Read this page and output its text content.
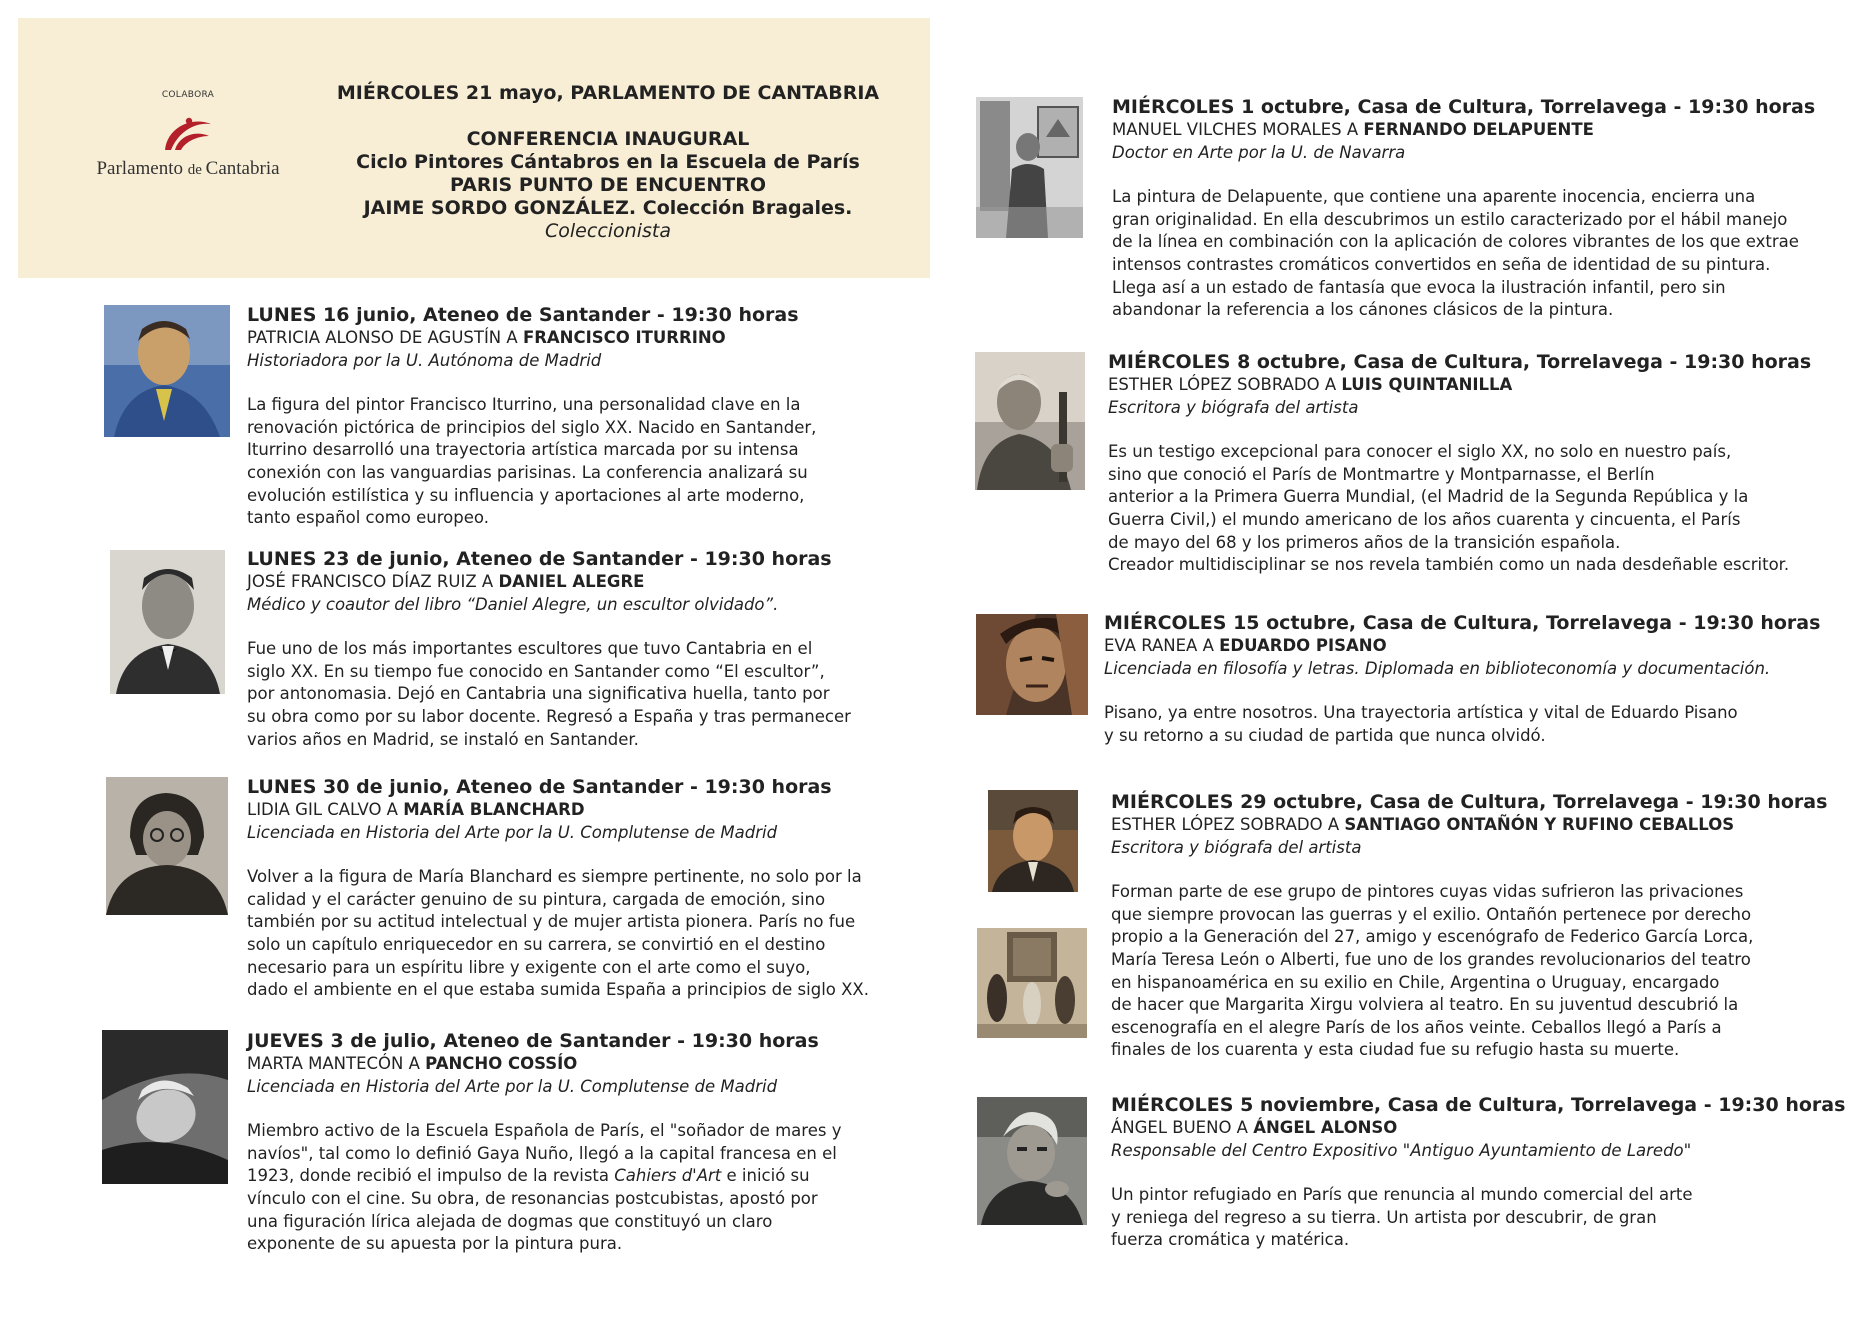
COLABORA
Parlamento de Cantabria
MIÉRCOLES 21 mayo, PARLAMENTO DE CANTABRIA
CONFERENCIA INAUGURAL
Ciclo Pintores Cántabros en la Escuela de París
PARIS PUNTO DE ENCUENTRO
JAIME SORDO GONZÁLEZ. Colección Bragales.
Coleccionista
LUNES 16 junio, Ateneo de Santander - 19:30 horas
PATRICIA ALONSO DE AGUSTÍN A FRANCISCO ITURRINO
Historiadora por la U. Autónoma de Madrid
La figura del pintor Francisco Iturrino, una personalidad clave en la
renovación pictórica de principios del siglo XX. Nacido en Santander,
Iturrino desarrolló una trayectoria artística marcada por su intensa
conexión con las vanguardias parisinas. La conferencia analizará su
evolución estilística y su influencia y aportaciones al arte moderno,
tanto español como europeo.
LUNES 23 de junio, Ateneo de Santander - 19:30 horas
JOSÉ FRANCISCO DÍAZ RUIZ A DANIEL ALEGRE
Médico y coautor del libro “Daniel Alegre, un escultor olvidado”.
Fue uno de los más importantes escultores que tuvo Cantabria en el
siglo XX. En su tiempo fue conocido en Santander como “El escultor”,
por antonomasia. Dejó en Cantabria una significativa huella, tanto por
su obra como por su labor docente. Regresó a España y tras permanecer
varios años en Madrid, se instaló en Santander.
LUNES 30 de junio, Ateneo de Santander - 19:30 horas
LIDIA GIL CALVO A MARÍA BLANCHARD
Licenciada en Historia del Arte por la U. Complutense de Madrid
Volver a la figura de María Blanchard es siempre pertinente, no solo por la
calidad y el carácter genuino de su pintura, cargada de emoción, sino
también por su actitud intelectual y de mujer artista pionera. París no fue
solo un capítulo enriquecedor en su carrera, se convirtió en el destino
necesario para un espíritu libre y exigente con el arte como el suyo,
dado el ambiente en el que estaba sumida España a principios de siglo XX.
JUEVES 3 de julio, Ateneo de Santander - 19:30 horas
MARTA MANTECÓN A PANCHO COSSÍO
Licenciada en Historia del Arte por la U. Complutense de Madrid
Miembro activo de la Escuela Española de París, el "soñador de mares y
navíos", tal como lo definió Gaya Nuño, llegó a la capital francesa en el
1923, donde recibió el impulso de la revista Cahiers d'Art e inició su
vínculo con el cine. Su obra, de resonancias postcubistas, apostó por
una figuración lírica alejada de dogmas que constituyó un claro
exponente de su apuesta por la pintura pura.
MIÉRCOLES 1 octubre, Casa de Cultura, Torrelavega - 19:30 horas
MANUEL VILCHES MORALES A FERNANDO DELAPUENTE
Doctor en Arte por la U. de Navarra
La pintura de Delapuente, que contiene una aparente inocencia, encierra una
gran originalidad. En ella descubrimos un estilo caracterizado por el hábil manejo
de la línea en combinación con la aplicación de colores vibrantes de los que extrae
intensos contrastes cromáticos convertidos en seña de identidad de su pintura.
Llega así a un estado de fantasía que evoca la ilustración infantil, pero sin
abandonar la referencia a los cánones clásicos de la pintura.
MIÉRCOLES 8 octubre, Casa de Cultura, Torrelavega - 19:30 horas
ESTHER LÓPEZ SOBRADO A LUIS QUINTANILLA
Escritora y biógrafa del artista
Es un testigo excepcional para conocer el siglo XX, no solo en nuestro país,
sino que conoció el París de Montmartre y Montparnasse, el Berlín
anterior a la Primera Guerra Mundial, (el Madrid de la Segunda República y la
Guerra Civil,) el mundo americano de los años cuarenta y cincuenta, el París
de mayo del 68 y los primeros años de la transición española.
Creador multidisciplinar se nos revela también como un nada desdeñable escritor.
MIÉRCOLES 15 octubre, Casa de Cultura, Torrelavega - 19:30 horas
EVA RANEA A EDUARDO PISANO
Licenciada en filosofía y letras. Diplomada en biblioteconomía y documentación.
Pisano, ya entre nosotros. Una trayectoria artística y vital de Eduardo Pisano
y su retorno a su ciudad de partida que nunca olvidó.
MIÉRCOLES 29 octubre, Casa de Cultura, Torrelavega - 19:30 horas
ESTHER LÓPEZ SOBRADO A SANTIAGO ONTAÑÓN Y RUFINO CEBALLOS
Escritora y biógrafa del artista
Forman parte de ese grupo de pintores cuyas vidas sufrieron las privaciones
que siempre provocan las guerras y el exilio. Ontañón pertenece por derecho
propio a la Generación del 27, amigo y escenógrafo de Federico García Lorca,
María Teresa León o Alberti, fue uno de los grandes revolucionarios del teatro
en hispanoamérica en su exilio en Chile, Argentina o Uruguay, encargado
de hacer que Margarita Xirgu volviera al teatro. En su juventud descubrió la
escenografía en el alegre París de los años veinte. Ceballos llegó a París a
finales de los cuarenta y esta ciudad fue su refugio hasta su muerte.
MIÉRCOLES 5 noviembre, Casa de Cultura, Torrelavega - 19:30 horas
ÁNGEL BUENO A ÁNGEL ALONSO
Responsable del Centro Expositivo "Antiguo Ayuntamiento de Laredo"
Un pintor refugiado en París que renuncia al mundo comercial del arte
y reniega del regreso a su tierra. Un artista por descubrir, de gran
fuerza cromática y matérica.
